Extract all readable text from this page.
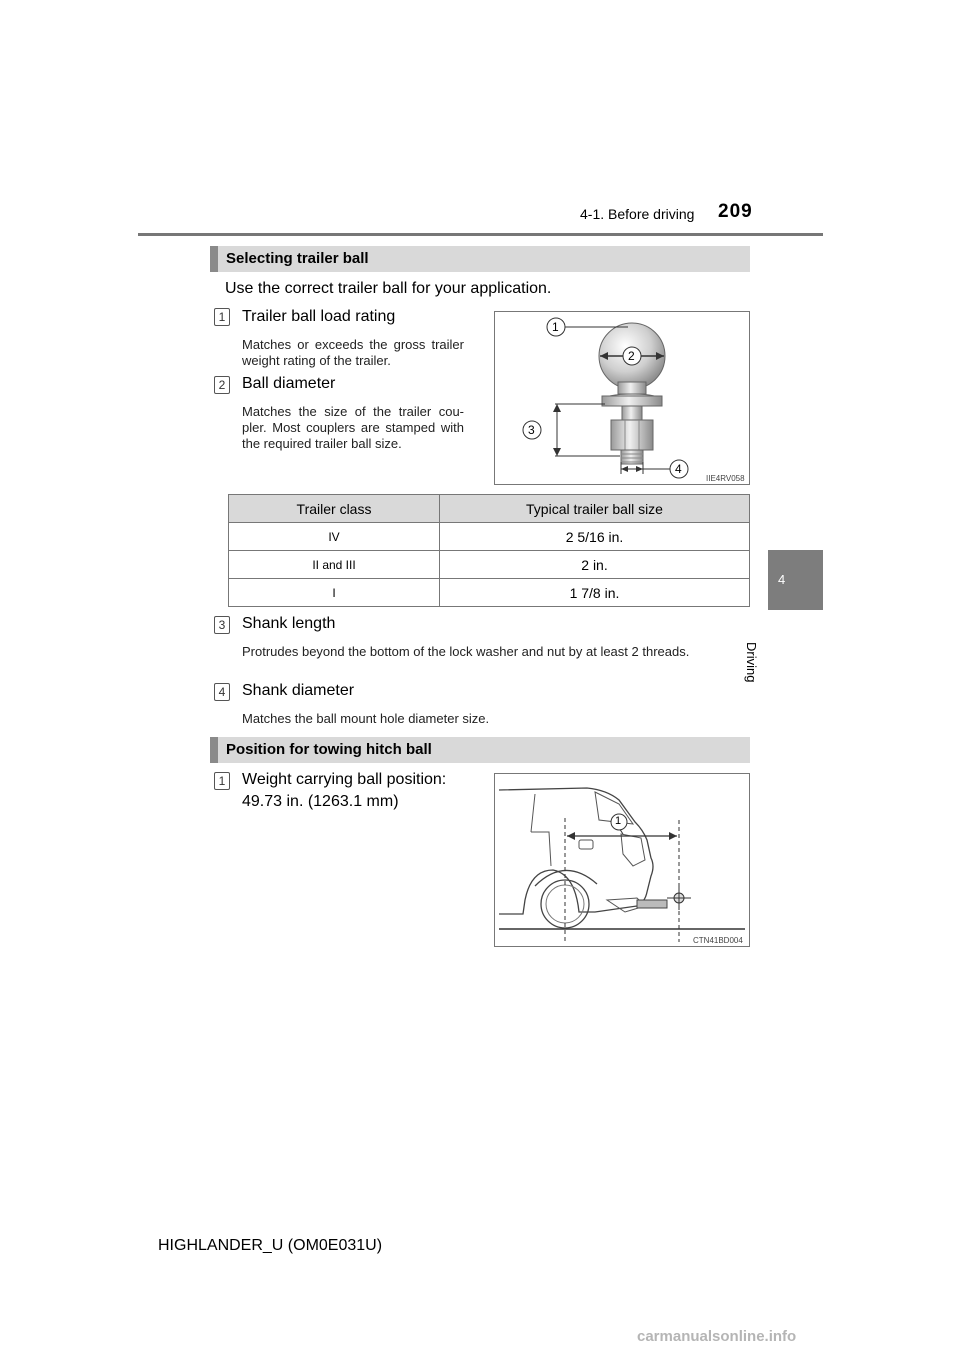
4-1. Before driving 209
4
Driving
Selecting trailer ball
Use the correct trailer ball for your application.
1 Trailer ball load rating
Matches or exceeds the gross trailer weight rating of the trailer.
2 Ball diameter
Matches the size of the trailer cou-pler. Most couplers are stamped with the required trailer ball size.
1
2
3
4
IIE4RV058
Trailer class	Typical trailer ball size
IV	2 5/16 in.
II and III	2 in.
I	1 7/8 in.
3 Shank length
Protrudes beyond the bottom of the lock washer and nut by at least 2 threads.
4 Shank diameter
Matches the ball mount hole diameter size.
Position for towing hitch ball
1 Weight carrying ball position:
49.73 in. (1263.1 mm)
1
CTN41BD004
HIGHLANDER_U (OM0E031U)
carmanualsonline.info
